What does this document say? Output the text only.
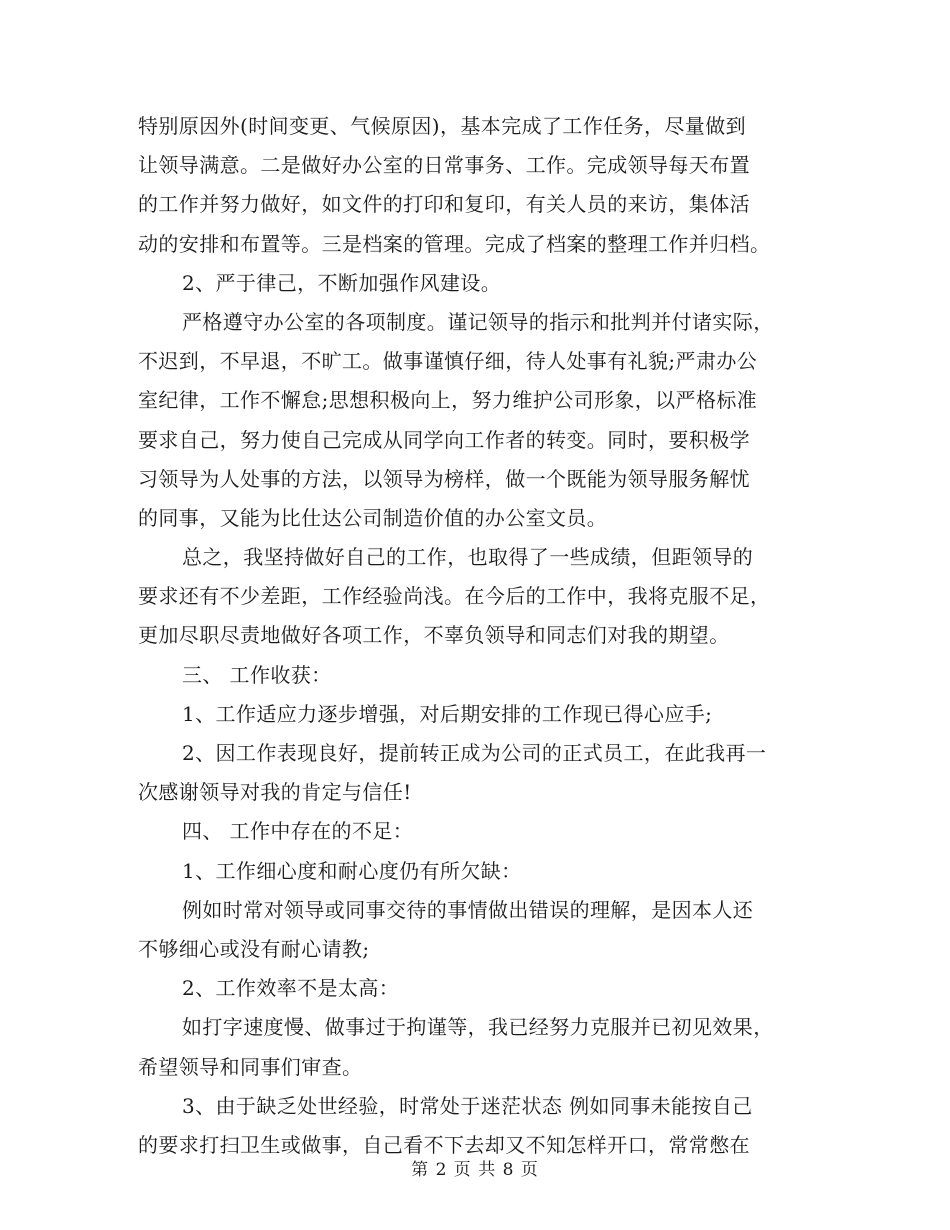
特别原因外(时间变更、气候原因)，基本完成了工作任务，尽量做到
让领导满意。二是做好办公室的日常事务、工作。完成领导每天布置
的工作并努力做好，如文件的打印和复印，有关人员的来访，集体活
动的安排和布置等。三是档案的管理。完成了档案的整理工作并归档。
2、严于律己，不断加强作风建设。
严格遵守办公室的各项制度。谨记领导的指示和批判并付诸实际，
不迟到，不早退，不旷工。做事谨慎仔细，待人处事有礼貌;严肃办公
室纪律，工作不懈怠;思想积极向上，努力维护公司形象，以严格标准
要求自己，努力使自己完成从同学向工作者的转变。同时，要积极学
习领导为人处事的方法，以领导为榜样，做一个既能为领导服务解忧
的同事，又能为比仕达公司制造价值的办公室文员。
总之，我坚持做好自己的工作，也取得了一些成绩，但距领导的
要求还有不少差距，工作经验尚浅。在今后的工作中，我将克服不足，
更加尽职尽责地做好各项工作，不辜负领导和同志们对我的期望。
三、 工作收获：
1、工作适应力逐步增强，对后期安排的工作现已得心应手;
2、因工作表现良好，提前转正成为公司的正式员工，在此我再一
次感谢领导对我的肯定与信任!
四、 工作中存在的不足：
1、工作细心度和耐心度仍有所欠缺：
例如时常对领导或同事交待的事情做出错误的理解，是因本人还
不够细心或没有耐心请教;
2、工作效率不是太高：
如打字速度慢、做事过于拘谨等，我已经努力克服并已初见效果，
希望领导和同事们审查。
3、由于缺乏处世经验，时常处于迷茫状态 例如同事未能按自己
的要求打扫卫生或做事，自己看不下去却又不知怎样开口，常常憋在
第 2 页 共 8 页
